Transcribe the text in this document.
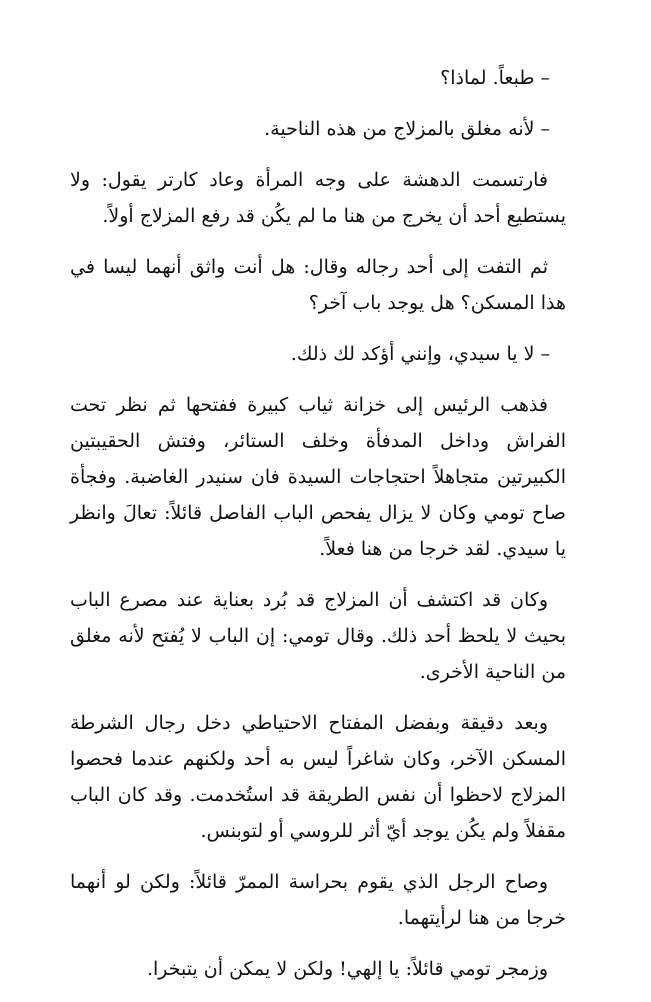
– طبعاً. لماذا؟

– لأنه مغلق بالمزلاج من هذه الناحية.

فارتسمت الدهشة على وجه المرأة وعاد كارتر يقول: ولا يستطيع أحد أن يخرج من هنا ما لم يكُن قد رفع المزلاج أولاً.

ثم التفت إلى أحد رجاله وقال: هل أنت واثق أنهما ليسا في هذا المسكن؟ هل يوجد باب آخر؟

– لا يا سيدي، وإنني أؤكد لك ذلك.

فذهب الرئيس إلى خزانة ثياب كبيرة ففتحها ثم نظر تحت الفراش وداخل المدفأة وخلف الستائر، وفتش الحقيبتين الكبيرتين متجاهلاً احتجاجات السيدة فان سنيدر الغاضبة. وفجأة صاح تومي وكان لا يزال يفحص الباب الفاصل قائلاً: تعالَ وانظر يا سيدي. لقد خرجا من هنا فعلاً.

وكان قد اكتشف أن المزلاج قد بُرد بعناية عند مصرع الباب بحيث لا يلحظ أحد ذلك. وقال تومي: إن الباب لا يُفتح لأنه مغلق من الناحية الأخرى.

وبعد دقيقة وبفضل المفتاح الاحتياطي دخل رجال الشرطة المسكن الآخر، وكان شاغراً ليس به أحد ولكنهم عندما فحصوا المزلاج لاحظوا أن نفس الطريقة قد استُخدمت. وقد كان الباب مقفلاً ولم يكُن يوجد أيّ أثر للروسي أو لتوبنس.

وصاح الرجل الذي يقوم بحراسة الممرّ قائلاً: ولكن لو أنهما خرجا من هنا لرأيتهما.

وزمجر تومي قائلاً: يا إلهي! ولكن لا يمكن أن يتبخرا.
